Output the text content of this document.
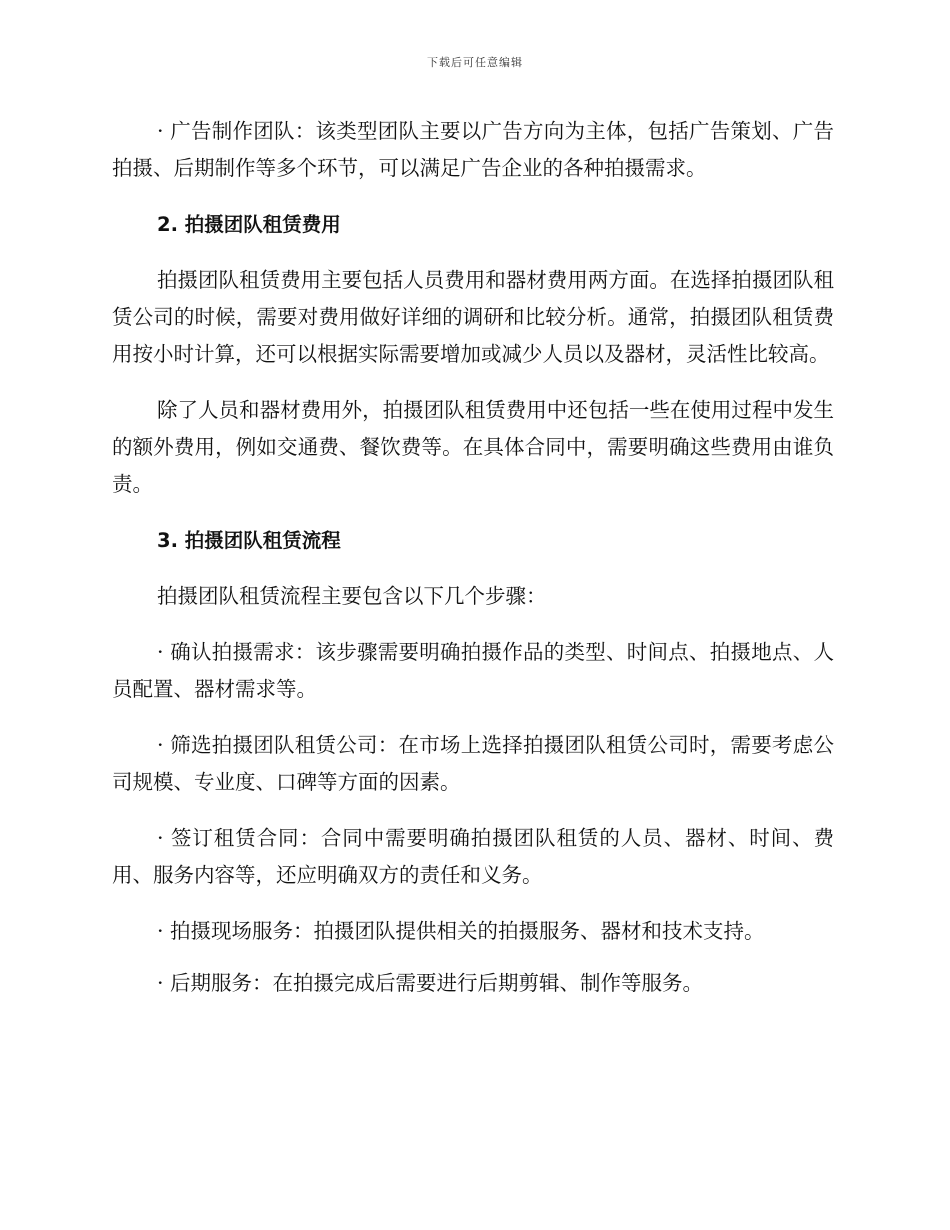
下载后可任意编辑

· 广告制作团队：该类型团队主要以广告方向为主体，包括广告策划、广告拍摄、后期制作等多个环节，可以满足广告企业的各种拍摄需求。

2. 拍摄团队租赁费用

拍摄团队租赁费用主要包括人员费用和器材费用两方面。在选择拍摄团队租赁公司的时候，需要对费用做好详细的调研和比较分析。通常，拍摄团队租赁费用按小时计算，还可以根据实际需要增加或减少人员以及器材，灵活性比较高。

除了人员和器材费用外，拍摄团队租赁费用中还包括一些在使用过程中发生的额外费用，例如交通费、餐饮费等。在具体合同中，需要明确这些费用由谁负责。

3. 拍摄团队租赁流程

拍摄团队租赁流程主要包含以下几个步骤：

· 确认拍摄需求：该步骤需要明确拍摄作品的类型、时间点、拍摄地点、人员配置、器材需求等。

· 筛选拍摄团队租赁公司：在市场上选择拍摄团队租赁公司时，需要考虑公司规模、专业度、口碑等方面的因素。

· 签订租赁合同：合同中需要明确拍摄团队租赁的人员、器材、时间、费用、服务内容等，还应明确双方的责任和义务。

· 拍摄现场服务：拍摄团队提供相关的拍摄服务、器材和技术支持。

· 后期服务：在拍摄完成后需要进行后期剪辑、制作等服务。
